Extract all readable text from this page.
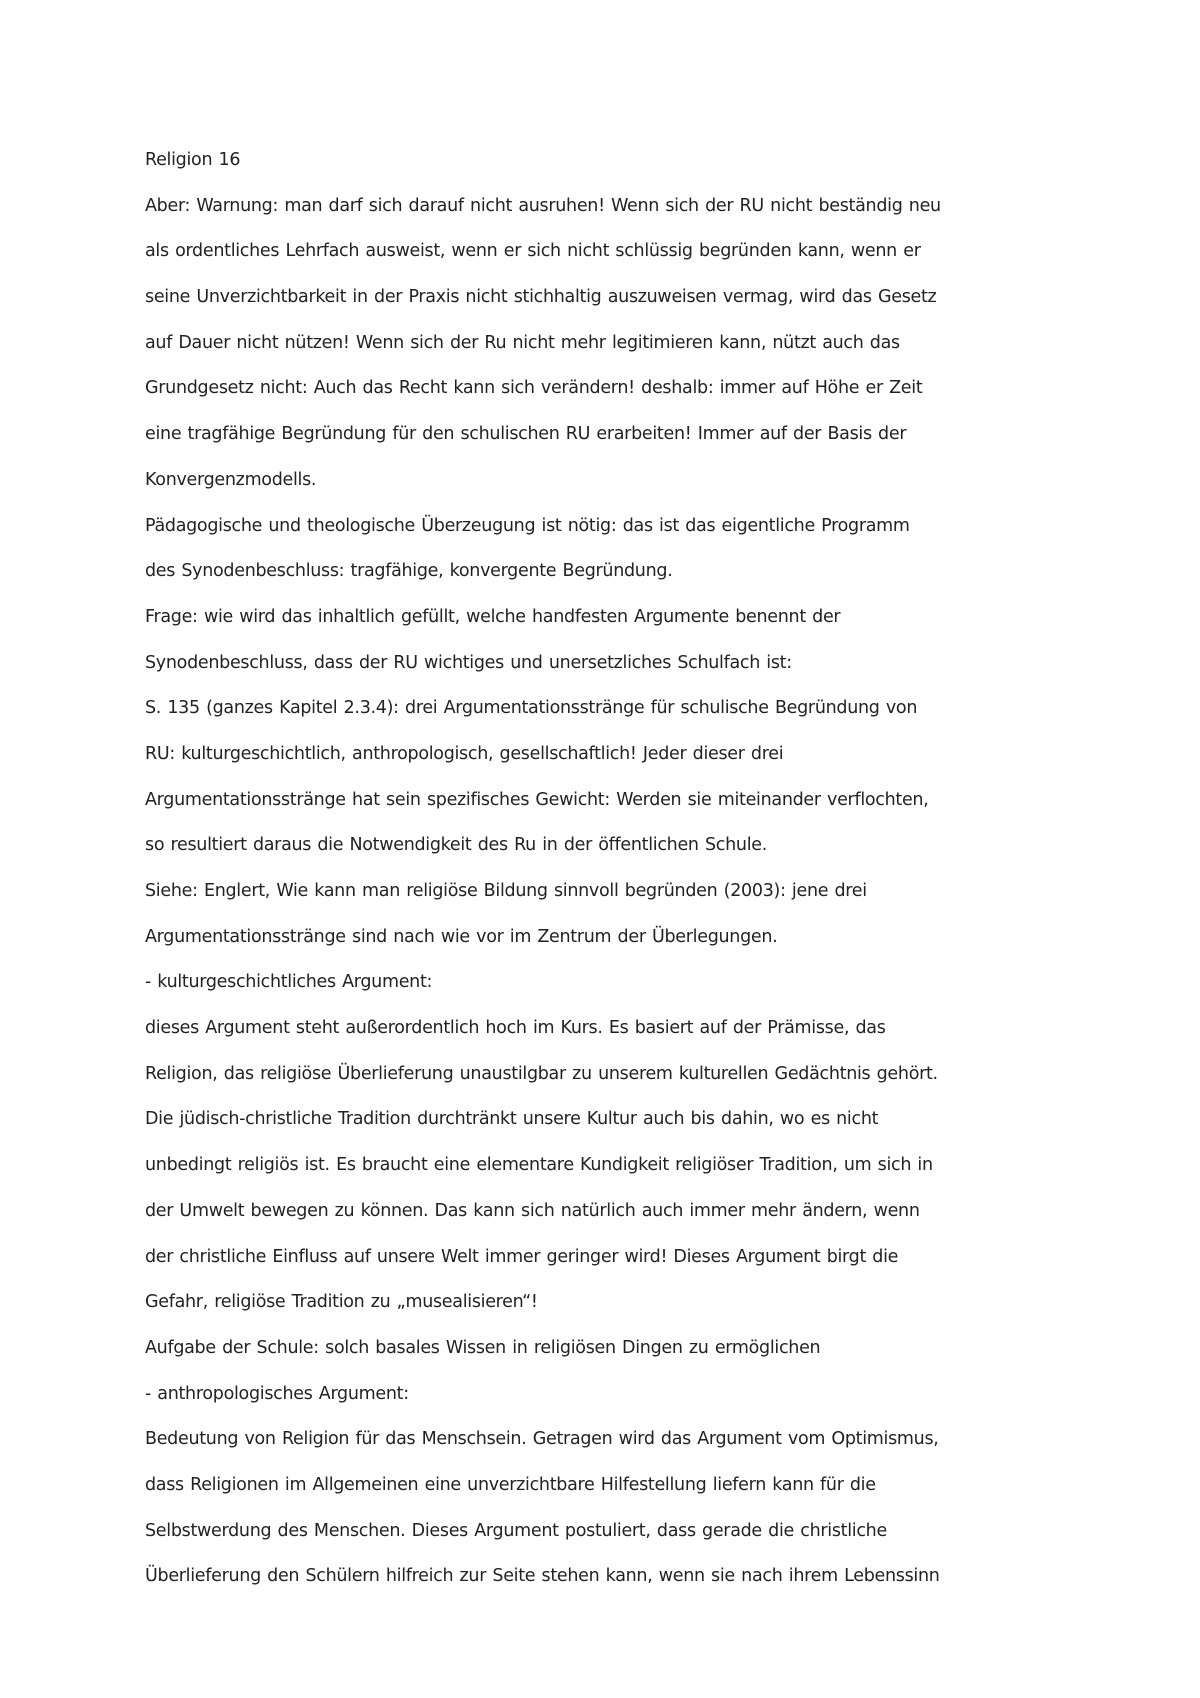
Religion 16
Aber: Warnung: man darf sich darauf nicht ausruhen! Wenn sich der RU nicht beständig neu
als ordentliches Lehrfach ausweist, wenn er sich nicht schlüssig begründen kann, wenn er
seine Unverzichtbarkeit in der Praxis nicht stichhaltig auszuweisen vermag, wird das Gesetz
auf Dauer nicht nützen! Wenn sich der Ru nicht mehr legitimieren kann, nützt auch das
Grundgesetz nicht: Auch das Recht kann sich verändern! deshalb: immer auf Höhe er Zeit
eine tragfähige Begründung für den schulischen RU erarbeiten! Immer auf der Basis der
Konvergenzmodells.
Pädagogische und theologische Überzeugung ist nötig: das ist das eigentliche Programm
des Synodenbeschluss: tragfähige, konvergente Begründung.
Frage: wie wird das inhaltlich gefüllt, welche handfesten Argumente benennt der
Synodenbeschluss, dass der RU wichtiges und unersetzliches Schulfach ist:
S. 135 (ganzes Kapitel 2.3.4): drei Argumentationsstränge für schulische Begründung von
RU: kulturgeschichtlich, anthropologisch, gesellschaftlich! Jeder dieser drei
Argumentationsstränge hat sein spezifisches Gewicht: Werden sie miteinander verflochten,
so resultiert daraus die Notwendigkeit des Ru in der öffentlichen Schule.
Siehe: Englert, Wie kann man religiöse Bildung sinnvoll begründen (2003): jene drei
Argumentationsstränge sind nach wie vor im Zentrum der Überlegungen.
- kulturgeschichtliches Argument:
dieses Argument steht außerordentlich hoch im Kurs. Es basiert auf der Prämisse, das
Religion, das religiöse Überlieferung unaustilgbar zu unserem kulturellen Gedächtnis gehört.
Die jüdisch-christliche Tradition durchtränkt unsere Kultur auch bis dahin, wo es nicht
unbedingt religiös ist. Es braucht eine elementare Kundigkeit religiöser Tradition, um sich in
der Umwelt bewegen zu können. Das kann sich natürlich auch immer mehr ändern, wenn
der christliche Einfluss auf unsere Welt immer geringer wird! Dieses Argument birgt die
Gefahr, religiöse Tradition zu „musealisieren“!
Aufgabe der Schule: solch basales Wissen in religiösen Dingen zu ermöglichen
- anthropologisches Argument:
Bedeutung von Religion für das Menschsein. Getragen wird das Argument vom Optimismus,
dass Religionen im Allgemeinen eine unverzichtbare Hilfestellung liefern kann für die
Selbstwerdung des Menschen. Dieses Argument postuliert, dass gerade die christliche
Überlieferung den Schülern hilfreich zur Seite stehen kann, wenn sie nach ihrem Lebenssinn
